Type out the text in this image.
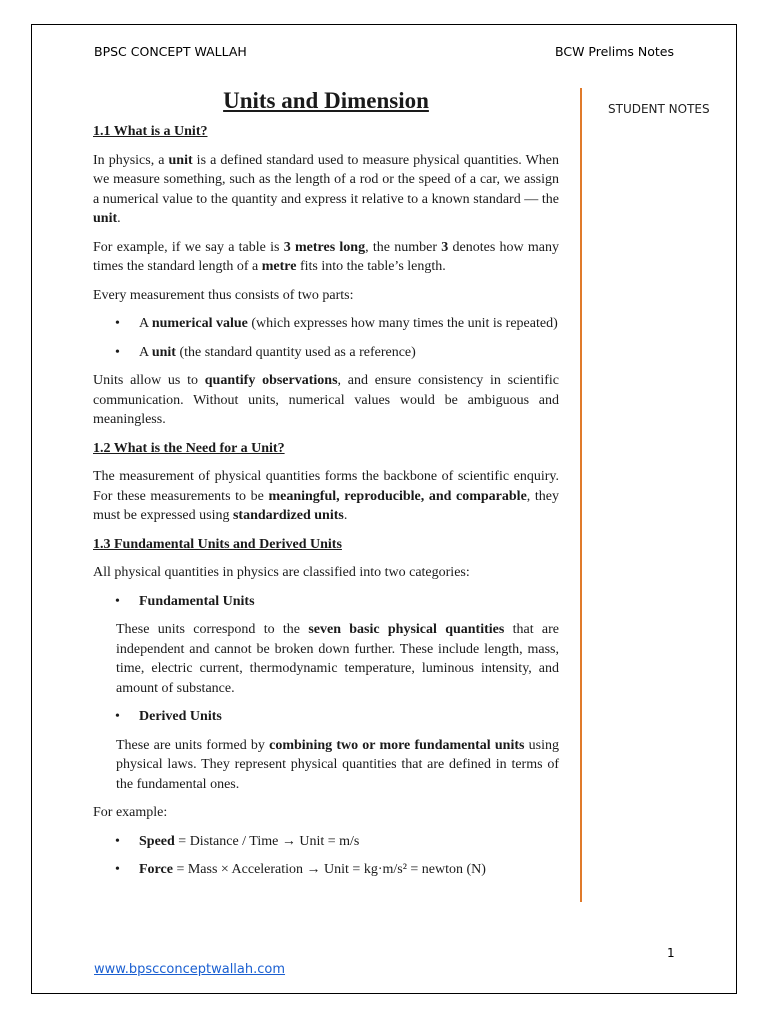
BPSC CONCEPT WALLAH	BCW Prelims Notes
STUDENT NOTES
Units and Dimension
1.1 What is a Unit?
In physics, a unit is a defined standard used to measure physical quantities. When we measure something, such as the length of a rod or the speed of a car, we assign a numerical value to the quantity and express it relative to a known standard — the unit.
For example, if we say a table is 3 metres long, the number 3 denotes how many times the standard length of a metre fits into the table’s length.
Every measurement thus consists of two parts:
• A numerical value (which expresses how many times the unit is repeated)
• A unit (the standard quantity used as a reference)
Units allow us to quantify observations, and ensure consistency in scientific communication. Without units, numerical values would be ambiguous and meaningless.
1.2 What is the Need for a Unit?
The measurement of physical quantities forms the backbone of scientific enquiry. For these measurements to be meaningful, reproducible, and comparable, they must be expressed using standardized units.
1.3 Fundamental Units and Derived Units
All physical quantities in physics are classified into two categories:
• Fundamental Units
These units correspond to the seven basic physical quantities that are independent and cannot be broken down further. These include length, mass, time, electric current, thermodynamic temperature, luminous intensity, and amount of substance.
• Derived Units
These are units formed by combining two or more fundamental units using physical laws. They represent physical quantities that are defined in terms of the fundamental ones.
For example:
• Speed = Distance / Time → Unit = m/s
• Force = Mass × Acceleration → Unit = kg·m/s² = newton (N)
1
www.bpscconceptwallah.com
